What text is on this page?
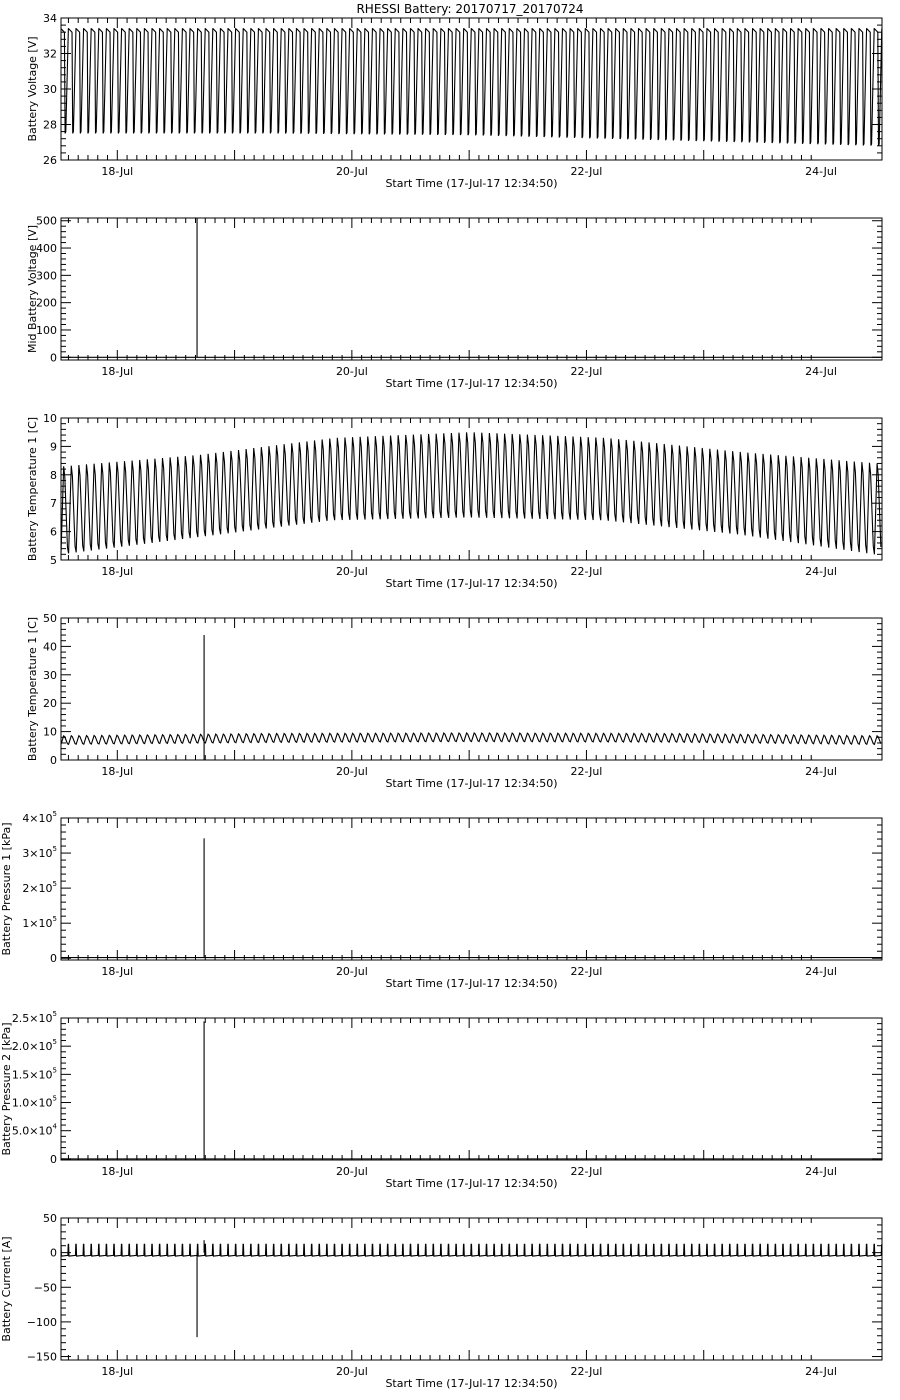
RHESSI Battery: 20170717_20170724
26
28
30
32
34
18-Jul	20-Jul	22-Jul	24-Jul
Start Time (17-Jul-17 12:34:50)
Battery Voltage [V]
0
100
200
300
400
500
18-Jul	20-Jul	22-Jul	24-Jul
Start Time (17-Jul-17 12:34:50)
Mid Battery Voltage [V]
5
6
7
8
9
10
18-Jul	20-Jul	22-Jul	24-Jul
Start Time (17-Jul-17 12:34:50)
Battery Temperature 1 [C]
0
10
20
30
40
50
18-Jul	20-Jul	22-Jul	24-Jul
Start Time (17-Jul-17 12:34:50)
Battery Temperature 1 [C]
0
$1\times 10^5$
$2\times 10^5$
$3\times 10^5$
$4\times 10^5$
18-Jul	20-Jul	22-Jul	24-Jul
Start Time (17-Jul-17 12:34:50)
Battery Pressure 1 [kPa]
0
$5.0\times 10^4$
$1.0\times 10^5$
$1.5\times 10^5$
$2.0\times 10^5$
$2.5\times 10^5$
18-Jul	20-Jul	22-Jul	24-Jul
Start Time (17-Jul-17 12:34:50)
Battery Pressure 2 [kPa]
−150
−100
−50
0
50
18-Jul	20-Jul	22-Jul	24-Jul
Start Time (17-Jul-17 12:34:50)
Battery Current [A]
